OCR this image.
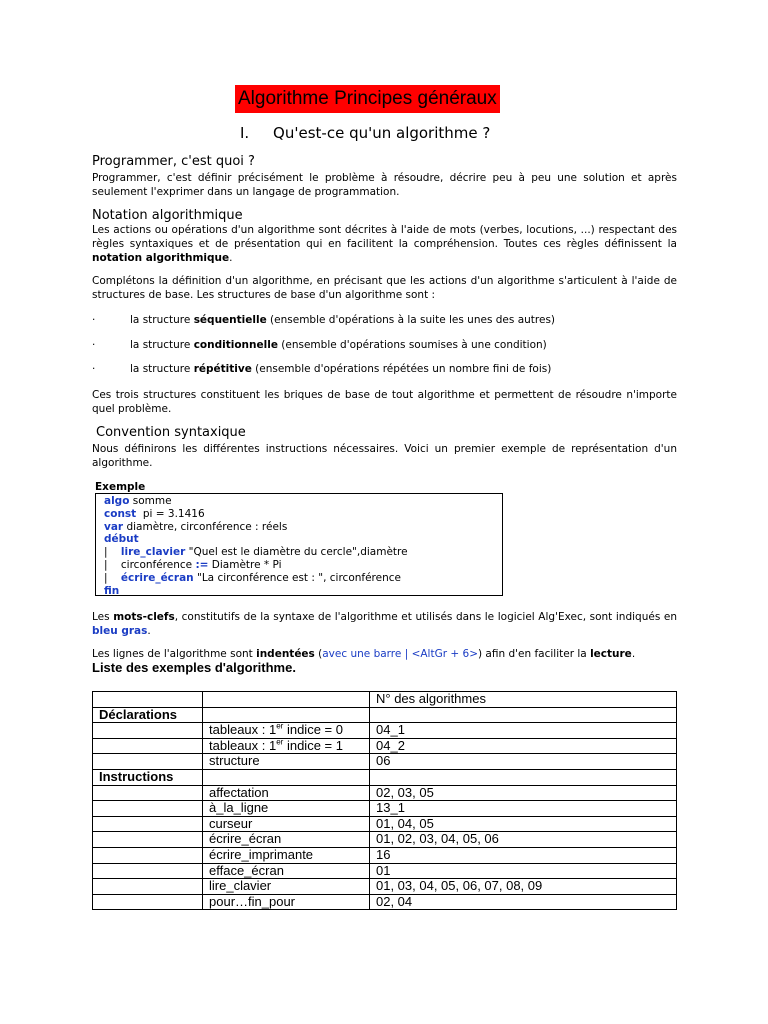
Algorithme Principes généraux
I. Qu'est-ce qu'un algorithme ?
Programmer, c'est quoi ?
Programmer, c'est définir précisément le problème à résoudre, décrire peu à peu une solution et après seulement l'exprimer dans un langage de programmation.
Notation algorithmique
Les actions ou opérations d'un algorithme sont décrites à l'aide de mots (verbes, locutions, ...) respectant des règles syntaxiques et de présentation qui en facilitent la compréhension. Toutes ces règles définissent la notation algorithmique.
Complétons la définition d'un algorithme, en précisant que les actions d'un algorithme s'articulent à l'aide de structures de base. Les structures de base d'un algorithme sont :
·	la structure séquentielle (ensemble d'opérations à la suite les unes des autres)
·	la structure conditionnelle (ensemble d'opérations soumises à une condition)
·	la structure répétitive (ensemble d'opérations répétées un nombre fini de fois)
Ces trois structures constituent les briques de base de tout algorithme et permettent de résoudre n'importe quel problème.
Convention syntaxique
Nous définirons les différentes instructions nécessaires. Voici un premier exemple de représentation d'un algorithme.
Exemple
algo somme
const  pi = 3.1416
var diamètre, circonférence : réels
début
|    lire_clavier "Quel est le diamètre du cercle",diamètre
|    circonférence := Diamètre * Pi
|    écrire_écran "La circonférence est : ", circonférence
fin
Les mots-clefs, constitutifs de la syntaxe de l'algorithme et utilisés dans le logiciel Alg'Exec, sont indiqués en bleu gras.
Les lignes de l'algorithme sont indentées (avec une barre | <AltGr + 6>) afin d'en faciliter la lecture.
Liste des exemples d'algorithme.
		N° des algorithmes
Déclarations		
	tableaux : 1er indice = 0	04_1
	tableaux : 1er indice = 1	04_2
	structure	06
Instructions		
	affectation	02, 03, 05
	à_la_ligne	13_1
	curseur	01, 04, 05
	écrire_écran	01, 02, 03, 04, 05, 06
	écrire_imprimante	16
	efface_écran	01
	lire_clavier	01, 03, 04, 05, 06, 07, 08, 09
	pour…fin_pour	02, 04
